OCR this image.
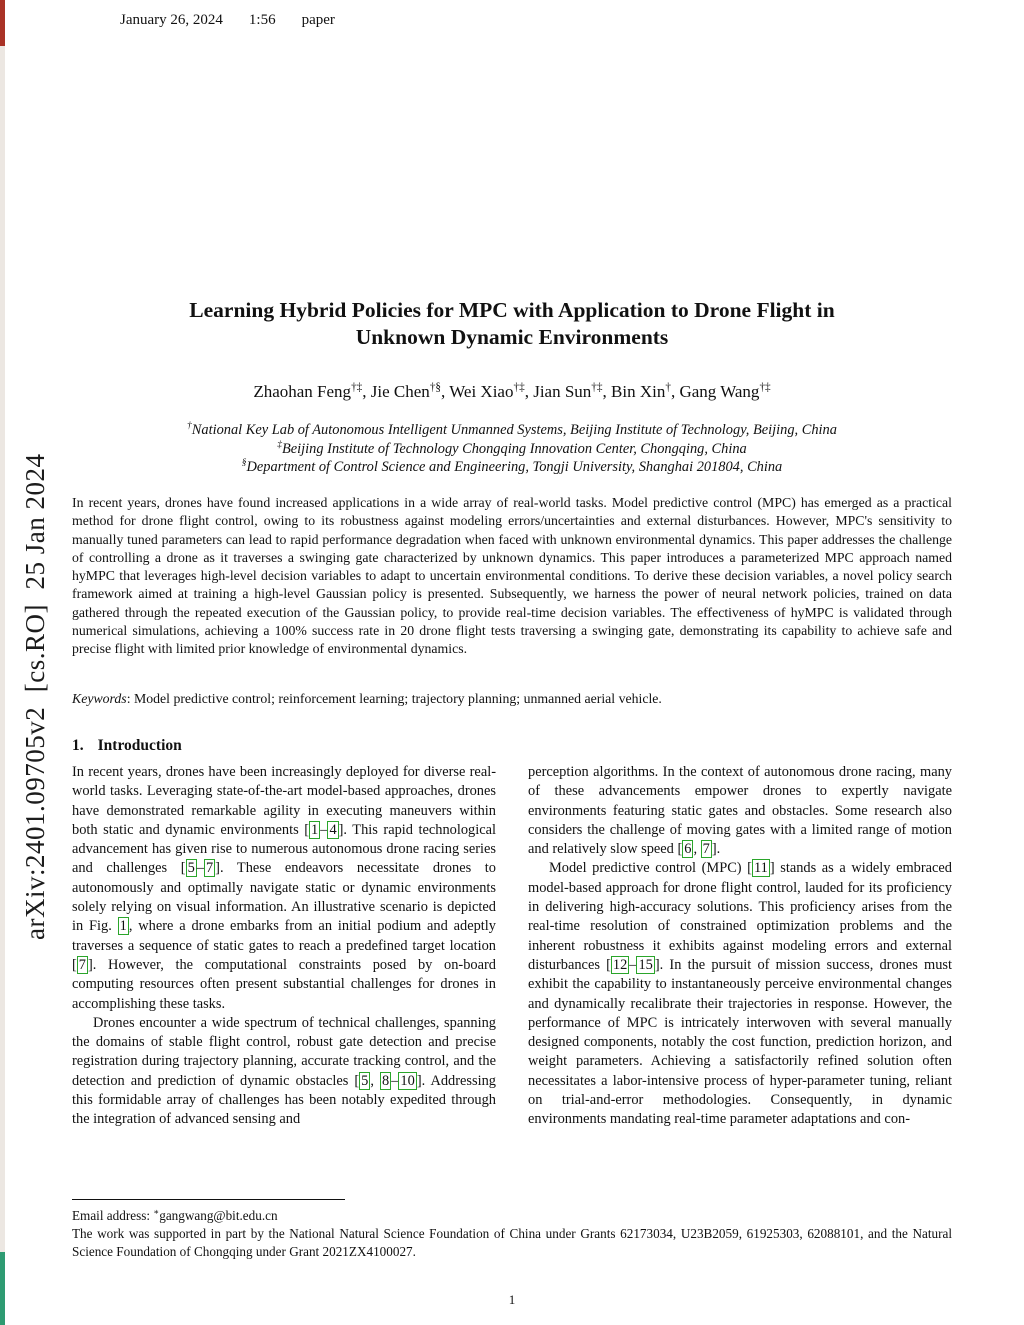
January 26, 2024 1:56 paper
arXiv:2401.09705v2  [cs.RO]  25 Jan 2024
Learning Hybrid Policies for MPC with Application to Drone Flight in
Unknown Dynamic Environments
Zhaohan Feng†‡, Jie Chen†§, Wei Xiao†‡, Jian Sun†‡, Bin Xin†, Gang Wang†‡
†National Key Lab of Autonomous Intelligent Unmanned Systems, Beijing Institute of Technology, Beijing, China
‡Beijing Institute of Technology Chongqing Innovation Center, Chongqing, China
§Department of Control Science and Engineering, Tongji University, Shanghai 201804, China
In recent years, drones have found increased applications in a wide array of real-world tasks. Model predictive control (MPC) has emerged as a practical method for drone flight control, owing to its robustness against modeling errors/uncertainties and external disturbances. However, MPC's sensitivity to manually tuned parameters can lead to rapid performance degradation when faced with unknown environmental dynamics. This paper addresses the challenge of controlling a drone as it traverses a swinging gate characterized by unknown dynamics. This paper introduces a parameterized MPC approach named hyMPC that leverages high-level decision variables to adapt to uncertain environmental conditions. To derive these decision variables, a novel policy search framework aimed at training a high-level Gaussian policy is presented. Subsequently, we harness the power of neural network policies, trained on data gathered through the repeated execution of the Gaussian policy, to provide real-time decision variables. The effectiveness of hyMPC is validated through numerical simulations, achieving a 100% success rate in 20 drone flight tests traversing a swinging gate, demonstrating its capability to achieve safe and precise flight with limited prior knowledge of environmental dynamics.
Keywords: Model predictive control; reinforcement learning; trajectory planning; unmanned aerial vehicle.
1. Introduction

In recent years, drones have been increasingly deployed for diverse real-world tasks. Leveraging state-of-the-art model-based approaches, drones have demonstrated remarkable agility in executing maneuvers within both static and dynamic environments [ 1 – 4 ]. This rapid technological advancement has given rise to numerous autonomous drone racing series and challenges [ 5 – 7 ]. These endeavors necessitate drones to autonomously and optimally navigate static or dynamic environments solely relying on visual information. An illustrative scenario is depicted in Fig. 1 , where a drone embarks from an initial podium and adeptly traverses a sequence of static gates to reach a predefined target location [ 7 ]. However, the computational constraints posed by on-board computing resources often present substantial challenges for drones in accomplishing these tasks.

Drones encounter a wide spectrum of technical challenges, spanning the domains of stable flight control, robust gate detection and precise registration during trajectory planning, accurate tracking control, and the detection and prediction of dynamic obstacles [ 5 , 8 – 10 ]. Addressing this formidable array of challenges has been notably expedited through the integration of advanced sensing and

perception algorithms. In the context of autonomous drone racing, many of these advancements empower drones to expertly navigate environments featuring static gates and obstacles. Some research also considers the challenge of moving gates with a limited range of motion and relatively slow speed [ 6 , 7 ].

Model predictive control (MPC) [ 11 ] stands as a widely embraced model-based approach for drone flight control, lauded for its proficiency in delivering high-accuracy solutions. This proficiency arises from the real-time resolution of constrained optimization problems and the inherent robustness it exhibits against modeling errors and external disturbances [ 12 – 15 ]. In the pursuit of mission success, drones must exhibit the capability to instantaneously perceive environmental changes and dynamically recalibrate their trajectories in response. However, the performance of MPC is intricately interwoven with several manually designed components, notably the cost function, prediction horizon, and weight parameters. Achieving a satisfactorily refined solution often necessitates a labor-intensive process of hyper-parameter tuning, reliant on trial-and-error methodologies. Consequently, in dynamic environments mandating real-time parameter adaptations and con-

Email address: ∗gangwang@bit.edu.cn
The work was supported in part by the National Natural Science Foundation of China under Grants 62173034, U23B2059, 61925303, 62088101, and the Natural Science Foundation of Chongqing under Grant 2021ZX4100027.
1
